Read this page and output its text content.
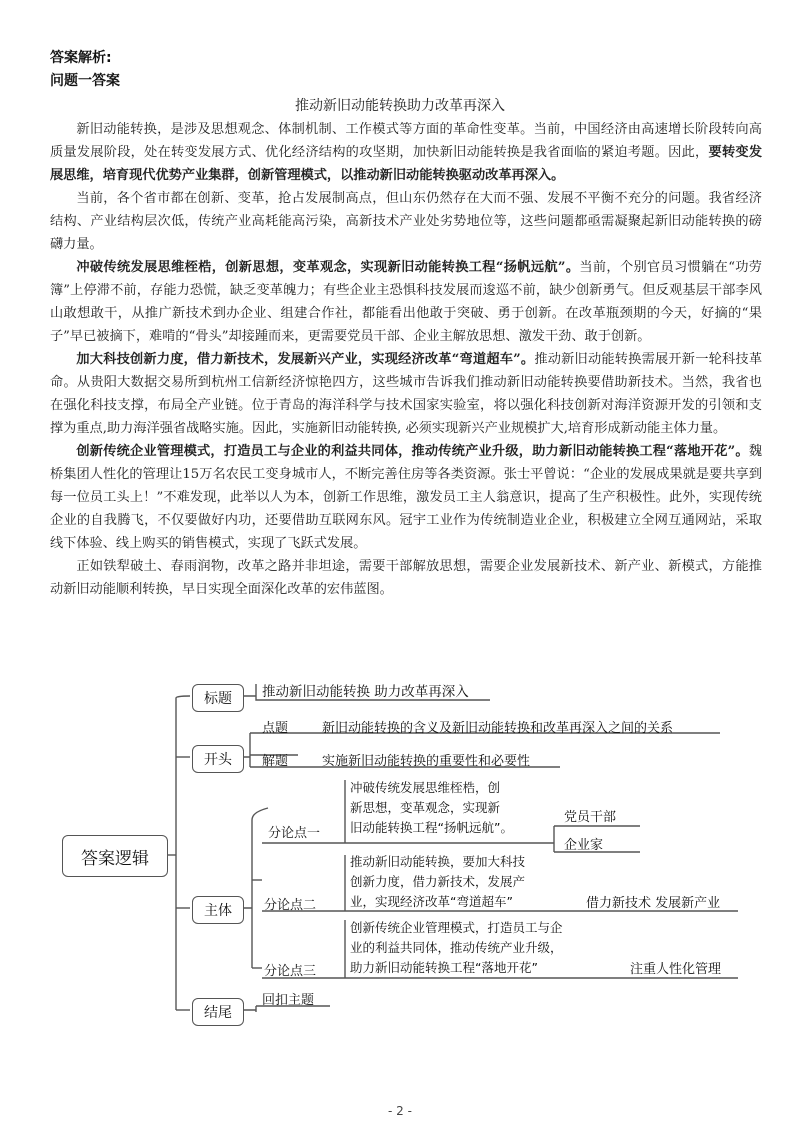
答案解析:
问题一答案
推动新旧动能转换助力改革再深入

新旧动能转换，是涉及思想观念、体制机制、工作模式等方面的革命性变革。当前，中国经济由高速增长阶段转向高质量发展阶段，处在转变发展方式、优化经济结构的攻坚期，加快新旧动能转换是我省面临的紧迫考题。因此，要转变发展思维，培育现代优势产业集群，创新管理模式，以推动新旧动能转换驱动改革再深入。

当前，各个省市都在创新、变革，抢占发展制高点，但山东仍然存在大而不强、发展不平衡不充分的问题。我省经济结构、产业结构层次低，传统产业高耗能高污染，高新技术产业处劣势地位等，这些问题都亟需凝聚起新旧动能转换的磅礴力量。

冲破传统发展思维桎梏，创新思想，变革观念，实现新旧动能转换工程“扬帆远航”。当前，个别官员习惯躺在“功劳簿”上停滞不前，存能力恐慌，缺乏变革魄力；有些企业主恐惧科技发展而逡巡不前，缺少创新勇气。但反观基层干部李风山敢想敢干，从推广新技术到办企业、组建合作社，都能看出他敢于突破、勇于创新。在改革瓶颈期的今天，好摘的“果子”早已被摘下，难啃的“骨头”却接踵而来，更需要党员干部、企业主解放思想、激发干劲、敢于创新。

加大科技创新力度，借力新技术，发展新兴产业，实现经济改革“弯道超车”。推动新旧动能转换需展开新一轮科技革命。从贵阳大数据交易所到杭州工信新经济惊艳四方，这些城市告诉我们推动新旧动能转换要借助新技术。当然，我省也在强化科技支撑，布局全产业链。位于青岛的海洋科学与技术国家实验室，将以强化科技创新对海洋资源开发的引领和支撑为重点,助力海洋强省战略实施。因此，实施新旧动能转换, 必须实现新兴产业规模扩大,培育形成新动能主体力量。

创新传统企业管理模式，打造员工与企业的利益共同体，推动传统产业升级，助力新旧动能转换工程“落地开花”。魏桥集团人性化的管理让15万名农民工变身城市人，不断完善住房等各类资源。张士平曾说：“企业的发展成果就是要共享到每一位员工头上！”不难发现，此举以人为本，创新工作思维，激发员工主人翁意识，提高了生产积极性。此外，实现传统企业的自我腾飞，不仅要做好内功，还要借助互联网东风。冠宇工业作为传统制造业企业，积极建立全网互通网站，采取线下体验、线上购买的销售模式，实现了飞跃式发展。

正如铁犁破土、春雨润物，改革之路并非坦途，需要干部解放思想，需要企业发展新技术、新产业、新模式，方能推动新旧动能顺利转换，早日实现全面深化改革的宏伟蓝图。

答案逻辑
标题	推动新旧动能转换 助力改革再深入
开头
点题	新旧动能转换的含义及新旧动能转换和改革再深入之间的关系
解题	实施新旧动能转换的重要性和必要性
主体
分论点一
冲破传统发展思维桎梏，创
新思想，变革观念，实现新
旧动能转换工程“扬帆远航”。
党员干部
企业家
分论点二
推动新旧动能转换，要加大科技
创新力度，借力新技术，发展产
业，实现经济改革“弯道超车”	借力新技术 发展新产业
分论点三
创新传统企业管理模式，打造员工与企
业的利益共同体，推动传统产业升级，
助力新旧动能转换工程“落地开花”	注重人性化管理
结尾
回扣主题
- 2 -
